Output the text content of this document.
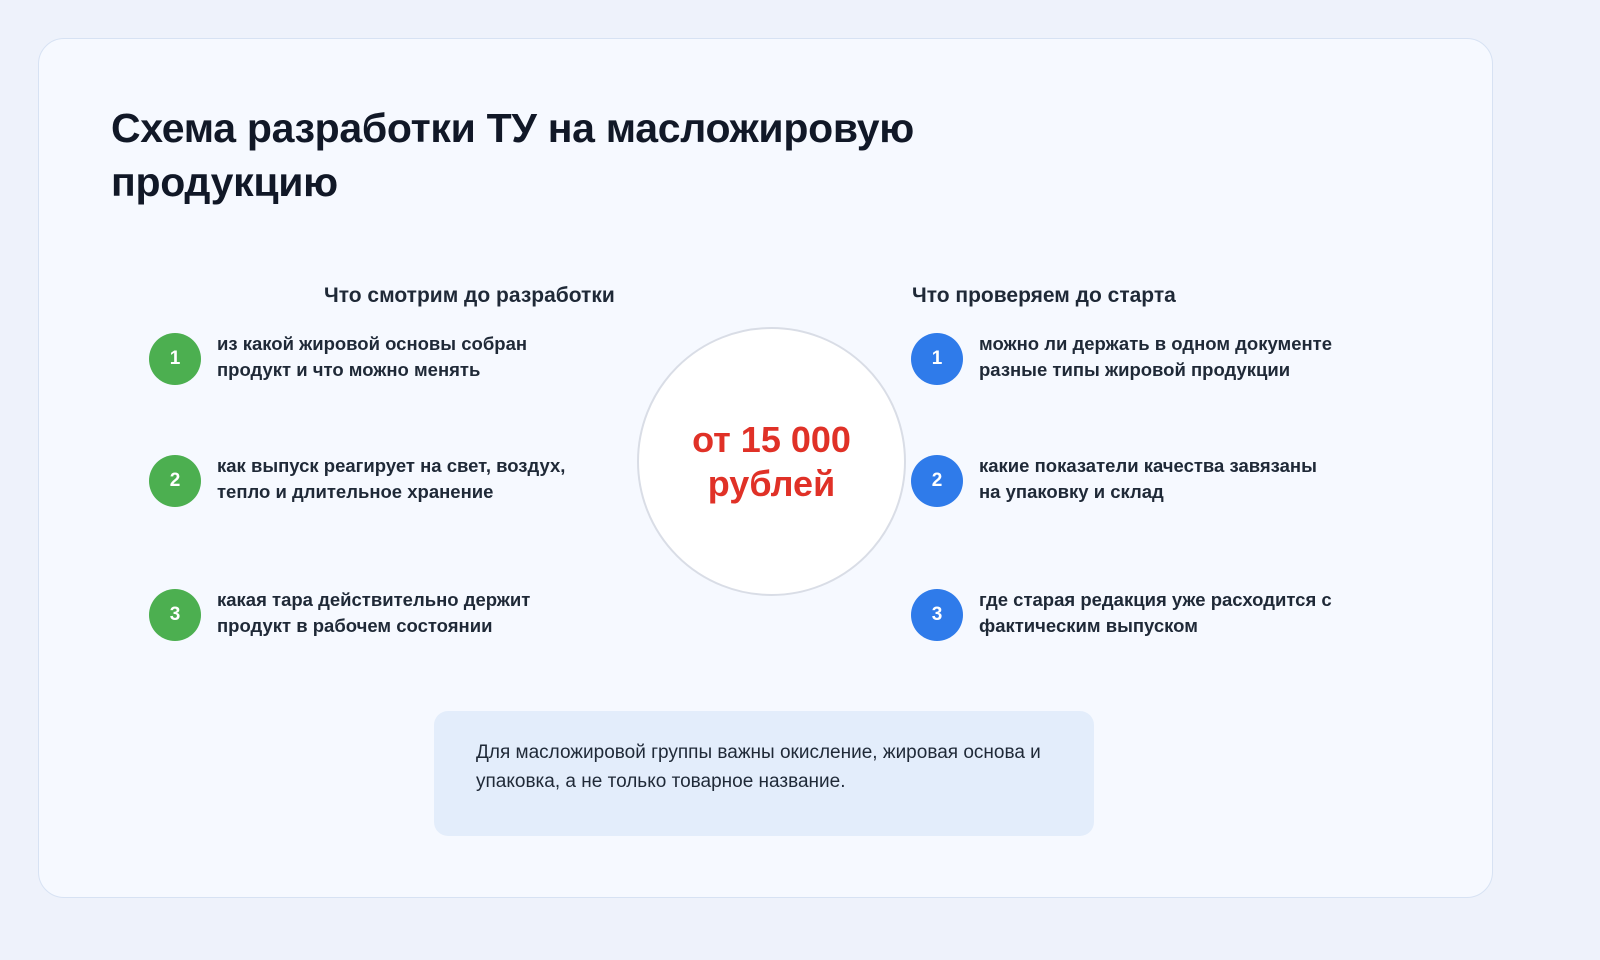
Схема разработки ТУ на масложировую продукцию
Что смотрим до разработки	Что проверяем до старта
1
из какой жировой основы собран продукт и что можно менять
2
как выпуск реагирует на свет, воздух, тепло и длительное хранение
3
какая тара действительно держит продукт в рабочем состоянии
1
можно ли держать в одном документе разные типы жировой продукции
2
какие показатели качества завязаны на упаковку и склад
3
где старая редакция уже расходится с фактическим выпуском
от 15 000 рублей
Для масложировой группы важны окисление, жировая основа и упаковка, а не только товарное название.
